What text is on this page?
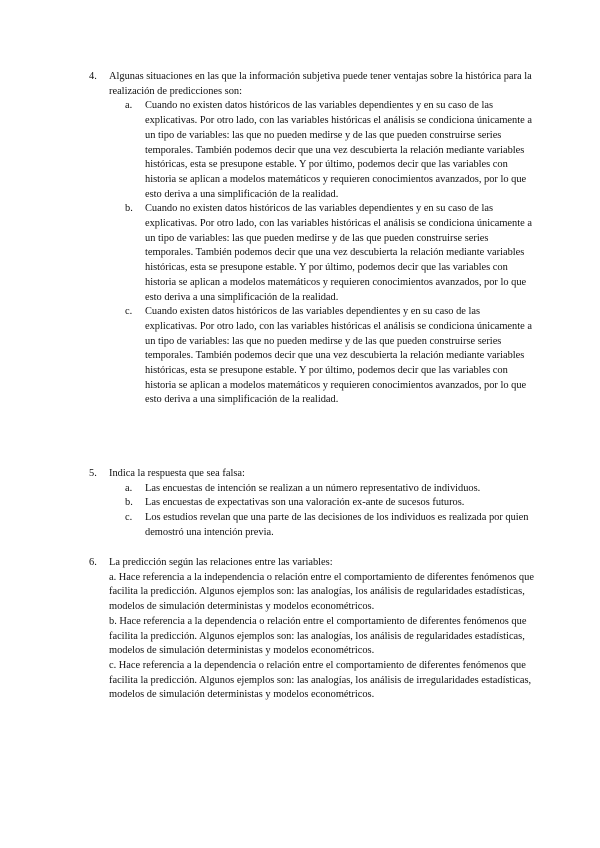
4. Algunas situaciones en las que la información subjetiva puede tener ventajas sobre la histórica para la realización de predicciones son:
a. Cuando no existen datos históricos de las variables dependientes y en su caso de las explicativas. Por otro lado, con las variables históricas el análisis se condiciona únicamente a un tipo de variables: las que no pueden medirse y de las que pueden construirse series temporales. También podemos decir que una vez descubierta la relación mediante variables históricas, esta se presupone estable. Y por último, podemos decir que las variables con historia se aplican a modelos matemáticos y requieren conocimientos avanzados, por lo que esto deriva a una simplificación de la realidad.
b. Cuando no existen datos históricos de las variables dependientes y en su caso de las explicativas. Por otro lado, con las variables históricas el análisis se condiciona únicamente a un tipo de variables: las que pueden medirse y de las que pueden construirse series temporales. También podemos decir que una vez descubierta la relación mediante variables históricas, esta se presupone estable. Y por último, podemos decir que las variables con historia se aplican a modelos matemáticos y requieren conocimientos avanzados, por lo que esto deriva a una simplificación de la realidad.
c. Cuando existen datos históricos de las variables dependientes y en su caso de las explicativas. Por otro lado, con las variables históricas el análisis se condiciona únicamente a un tipo de variables: las que no pueden medirse y de las que pueden construirse series temporales. También podemos decir que una vez descubierta la relación mediante variables históricas, esta se presupone estable. Y por último, podemos decir que las variables con historia se aplican a modelos matemáticos y requieren conocimientos avanzados, por lo que esto deriva a una simplificación de la realidad.
5. Indica la respuesta que sea falsa:
a. Las encuestas de intención se realizan a un número representativo de individuos.
b. Las encuestas de expectativas son una valoración ex-ante de sucesos futuros.
c. Los estudios revelan que una parte de las decisiones de los individuos es realizada por quien demostró una intención previa.
6. La predicción según las relaciones entre las variables:

a. Hace referencia a la independencia o relación entre el comportamiento de diferentes fenómenos que facilita la predicción. Algunos ejemplos son: las analogías, los análisis de regularidades estadísticas, modelos de simulación deterministas y modelos econométricos.

b. Hace referencia a la dependencia o relación entre el comportamiento de diferentes fenómenos que facilita la predicción. Algunos ejemplos son: las analogías, los análisis de regularidades estadísticas, modelos de simulación deterministas y modelos econométricos.

c. Hace referencia a la dependencia o relación entre el comportamiento de diferentes fenómenos que facilita la predicción. Algunos ejemplos son: las analogías, los análisis de irregularidades estadísticas, modelos de simulación deterministas y modelos econométricos.
